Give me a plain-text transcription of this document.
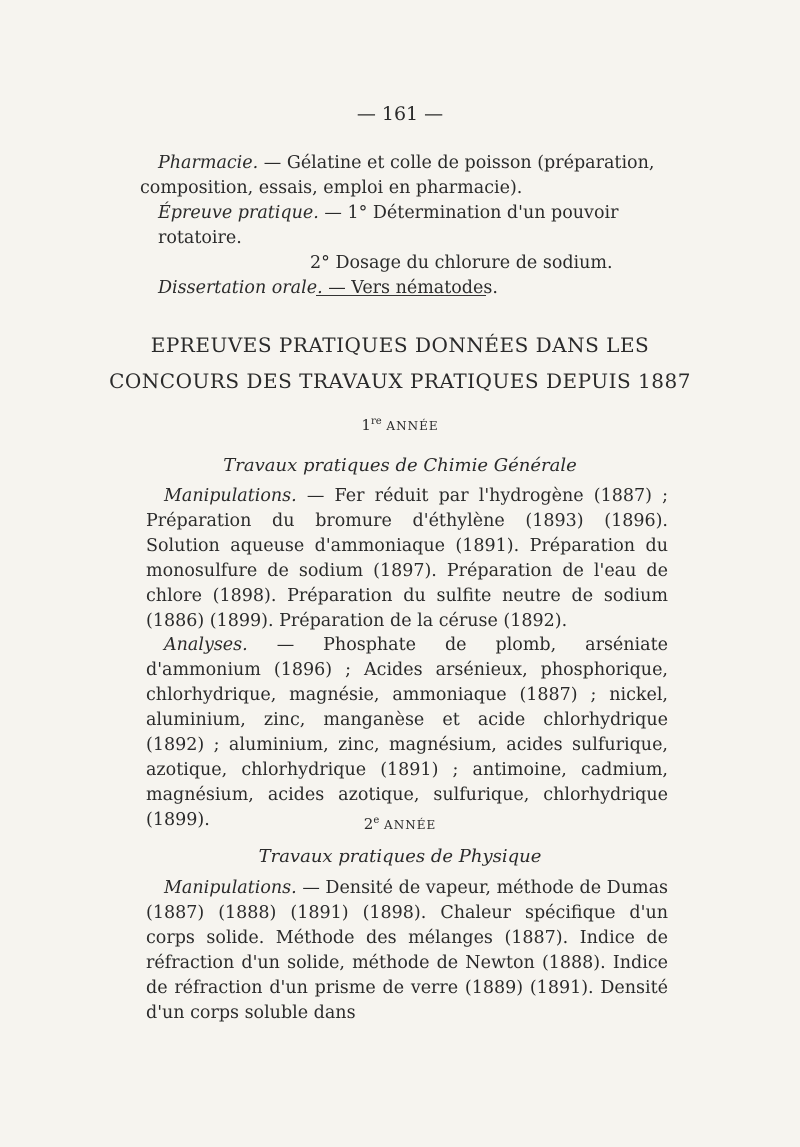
— 161 —
Pharmacie. — Gélatine et colle de poisson (préparation,
composition, essais, emploi en pharmacie).
Épreuve pratique. — 1° Détermination d'un pouvoir rotatoire.
2° Dosage du chlorure de sodium.
Dissertation orale. — Vers nématodes.
EPREUVES PRATIQUES DONNÉES DANS LES
CONCOURS DES TRAVAUX PRATIQUES DEPUIS 1887
1re ANNÉE
Travaux pratiques de Chimie Générale
Manipulations. — Fer réduit par l'hydrogène (1887) ; Préparation du bromure d'éthylène (1893) (1896). Solution aqueuse d'ammoniaque (1891). Préparation du monosulfure de sodium (1897). Préparation de l'eau de chlore (1898). Préparation du sulfite neutre de sodium (1886) (1899). Préparation de la céruse (1892).
Analyses. — Phosphate de plomb, arséniate d'ammonium (1896) ; Acides arsénieux, phosphorique, chlorhydrique, magnésie, ammoniaque (1887) ; nickel, aluminium, zinc, manganèse et acide chlorhydrique (1892) ; aluminium, zinc, magnésium, acides sulfurique, azotique, chlorhydrique (1891) ; antimoine, cadmium, magnésium, acides azotique, sulfurique, chlorhydrique (1899).	2e ANNÉE
Travaux pratiques de Physique
Manipulations. — Densité de vapeur, méthode de Dumas (1887) (1888) (1891) (1898). Chaleur spécifique d'un corps solide. Méthode des mélanges (1887). Indice de réfraction d'un solide, méthode de Newton (1888). Indice de réfraction d'un prisme de verre (1889) (1891). Densité d'un corps soluble dans
